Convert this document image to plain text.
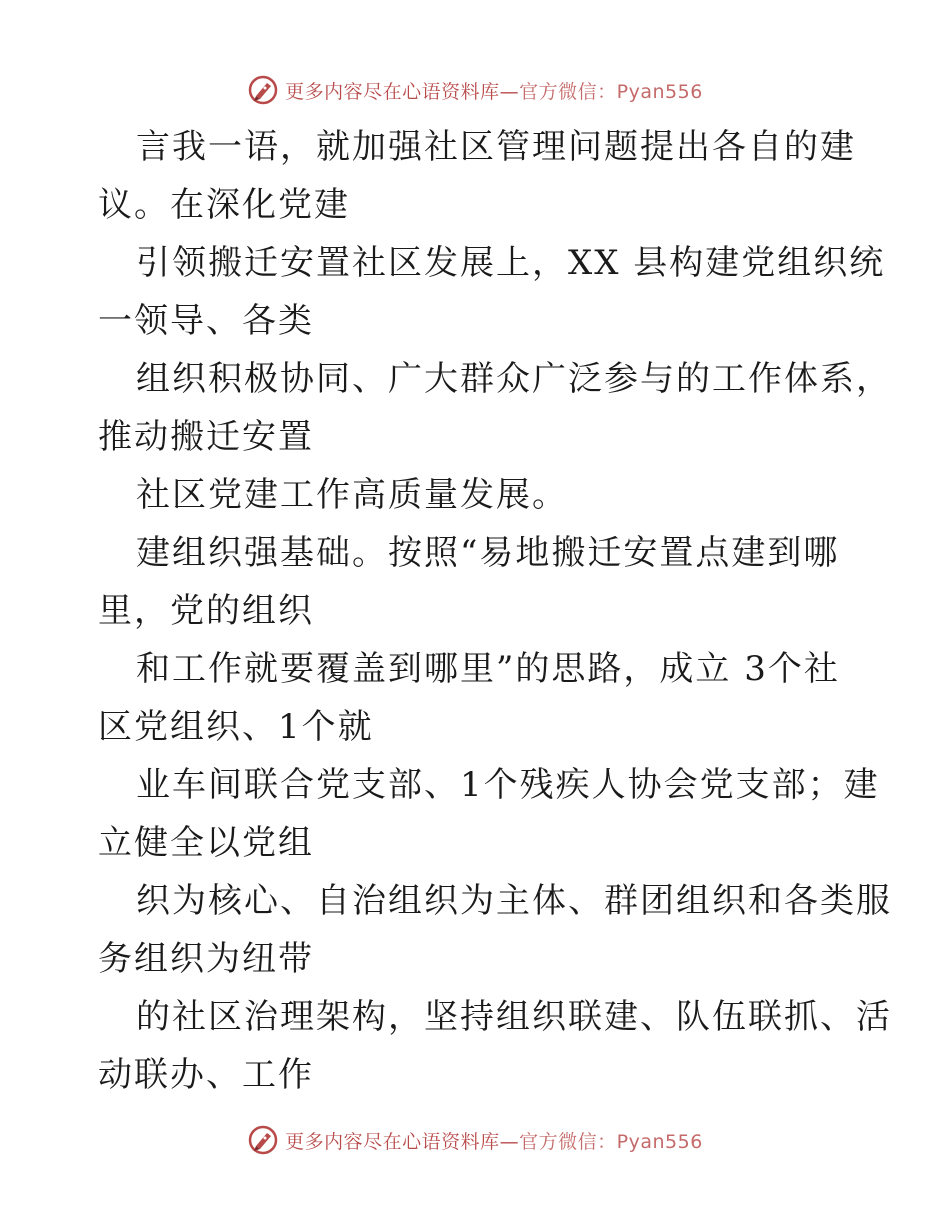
更多内容尽在心语资料库—官方微信：Pyan556

言我一语，就加强社区管理问题提出各自的建
议。在深化党建

引领搬迁安置社区发展上，XX 县构建党组织统
一领导、各类

组织积极协同、广大群众广泛参与的工作体系，
推动搬迁安置

社区党建工作高质量发展。

建组织强基础。按照“易地搬迁安置点建到哪
里，党的组织

和工作就要覆盖到哪里”的思路，成立 3个社
区党组织、1个就

业车间联合党支部、1个残疾人协会党支部；建
立健全以党组

织为核心、自治组织为主体、群团组织和各类服
务组织为纽带

的社区治理架构，坚持组织联建、队伍联抓、活
动联办、工作

更多内容尽在心语资料库—官方微信：Pyan556
